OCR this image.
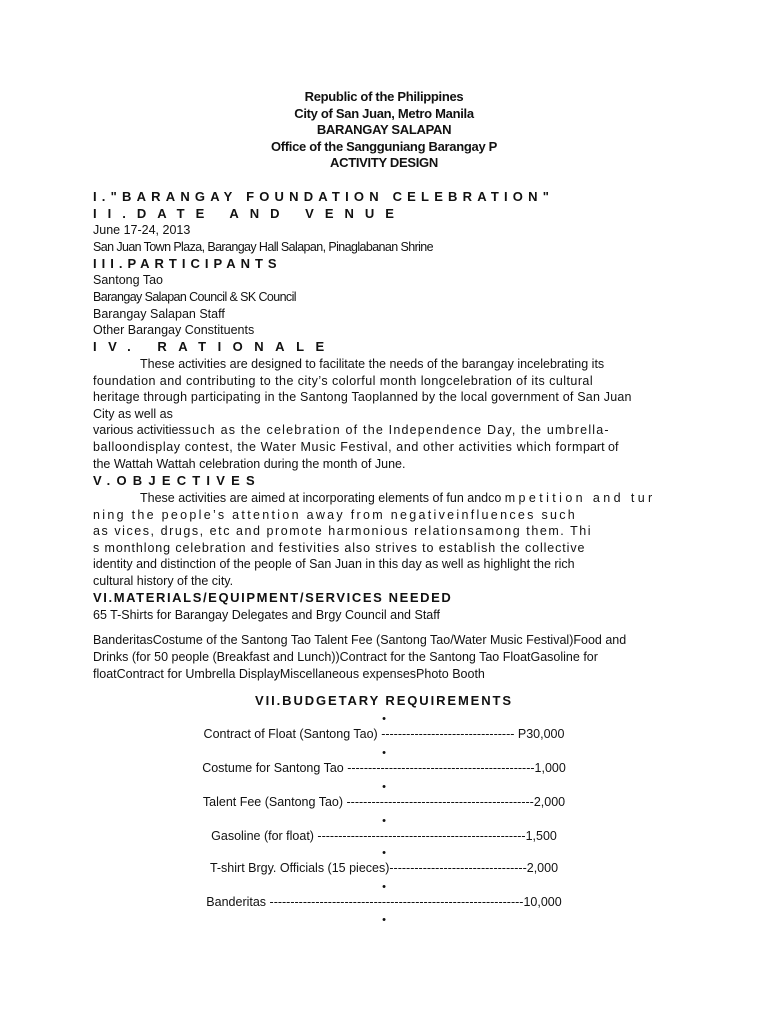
Republic of the Philippines
City of San Juan, Metro Manila
BARANGAY SALAPAN
Office of the Sangguniang Barangay P
ACTIVITY DESIGN
I."BARANGAY FOUNDATION CELEBRATION"
II.DATE AND VENUE
June 17-24, 2013
San Juan Town Plaza, Barangay Hall Salapan, Pinaglabanan Shrine
III.PARTICIPANTS
Santong Tao
Barangay Salapan Council & SK Council
Barangay Salapan Staff
Other Barangay Constituents
IV. RATIONALE
These activities are designed to facilitate the needs of the barangay incelebrating its
foundation and contributing to the city’s colorful month longcelebration of its cultural
heritage through participating in the Santong Taoplanned by the local government of San Juan
City as well as
various activitiessuch as the celebration of the Independence Day, the umbrella-
balloondisplay contest, the Water Music Festival, and other activities which formpart of
the Wattah Wattah celebration during the month of June.
V.OBJECTIVES
These activities are aimed at incorporating elements of fun andcompetition and tur
ning the people’s attention away from negativeinfluences such
as vices, drugs, etc and promote harmonious relationsamong them. Thi
s monthlong celebration and festivities also strives to establish the collective
identity and distinction of the people of San Juan in this day as well as highlight the rich
cultural history of the city.
VI.MATERIALS/EQUIPMENT/SERVICES NEEDED
65 T-Shirts for Barangay Delegates and Brgy Council and Staff
BanderitasCostume of the Santong Tao Talent Fee (Santong Tao/Water Music Festival)Food and
Drinks (for 50 people (Breakfast and Lunch))Contract for the Santong Tao FloatGasoline for
floatContract for Umbrella DisplayMiscellaneous expensesPhoto Booth
VII.BUDGETARY REQUIREMENTS
•
Contract of Float (Santong Tao) -------------------------------- P30,000
•
Costume for Santong Tao ---------------------------------------------1,000
•
Talent Fee (Santong Tao) ---------------------------------------------2,000
•
Gasoline (for float) --------------------------------------------------1,500
•
T-shirt Brgy. Officials (15 pieces)---------------------------------2,000
•
Banderitas -------------------------------------------------------------10,000
•
